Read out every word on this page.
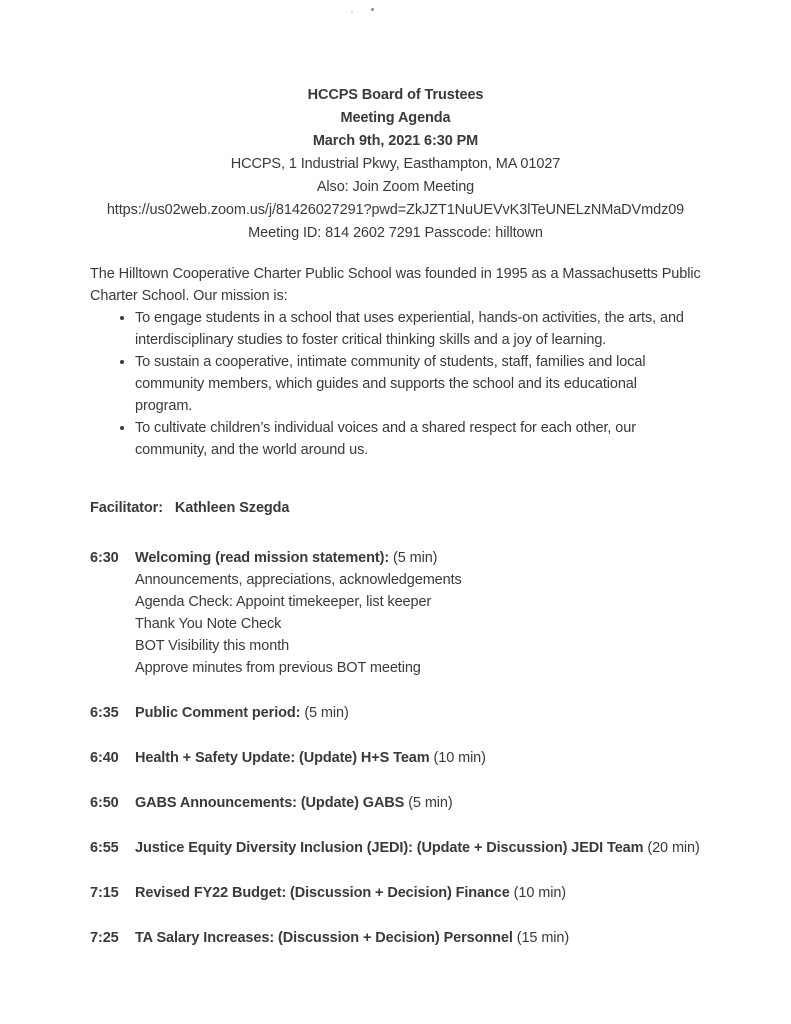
HCCPS Board of Trustees
Meeting Agenda
March 9th, 2021 6:30 PM
HCCPS, 1 Industrial Pkwy, Easthampton, MA 01027
Also: Join Zoom Meeting
https://us02web.zoom.us/j/81426027291?pwd=ZkJZT1NuUEVvK3lTeUNELzNMaDVmdz09
Meeting ID: 814 2602 7291 Passcode: hilltown

The Hilltown Cooperative Charter Public School was founded in 1995 as a Massachusetts Public Charter School. Our mission is:

• To engage students in a school that uses experiential, hands-on activities, the arts, and interdisciplinary studies to foster critical thinking skills and a joy of learning.
• To sustain a cooperative, intimate community of students, staff, families and local community members, which guides and supports the school and its educational program.
• To cultivate children’s individual voices and a shared respect for each other, our community, and the world around us.

Facilitator: Kathleen Szegda

6:30	Welcoming (read mission statement): (5 min)
Announcements, appreciations, acknowledgements
Agenda Check: Appoint timekeeper, list keeper
Thank You Note Check
BOT Visibility this month
Approve minutes from previous BOT meeting
6:35	Public Comment period: (5 min)
6:40	Health + Safety Update: (Update) H+S Team (10 min)
6:50	GABS Announcements: (Update) GABS (5 min)
6:55	Justice Equity Diversity Inclusion (JEDI): (Update + Discussion) JEDI Team (20 min)
7:15	Revised FY22 Budget: (Discussion + Decision) Finance (10 min)
7:25	TA Salary Increases: (Discussion + Decision) Personnel (15 min)
